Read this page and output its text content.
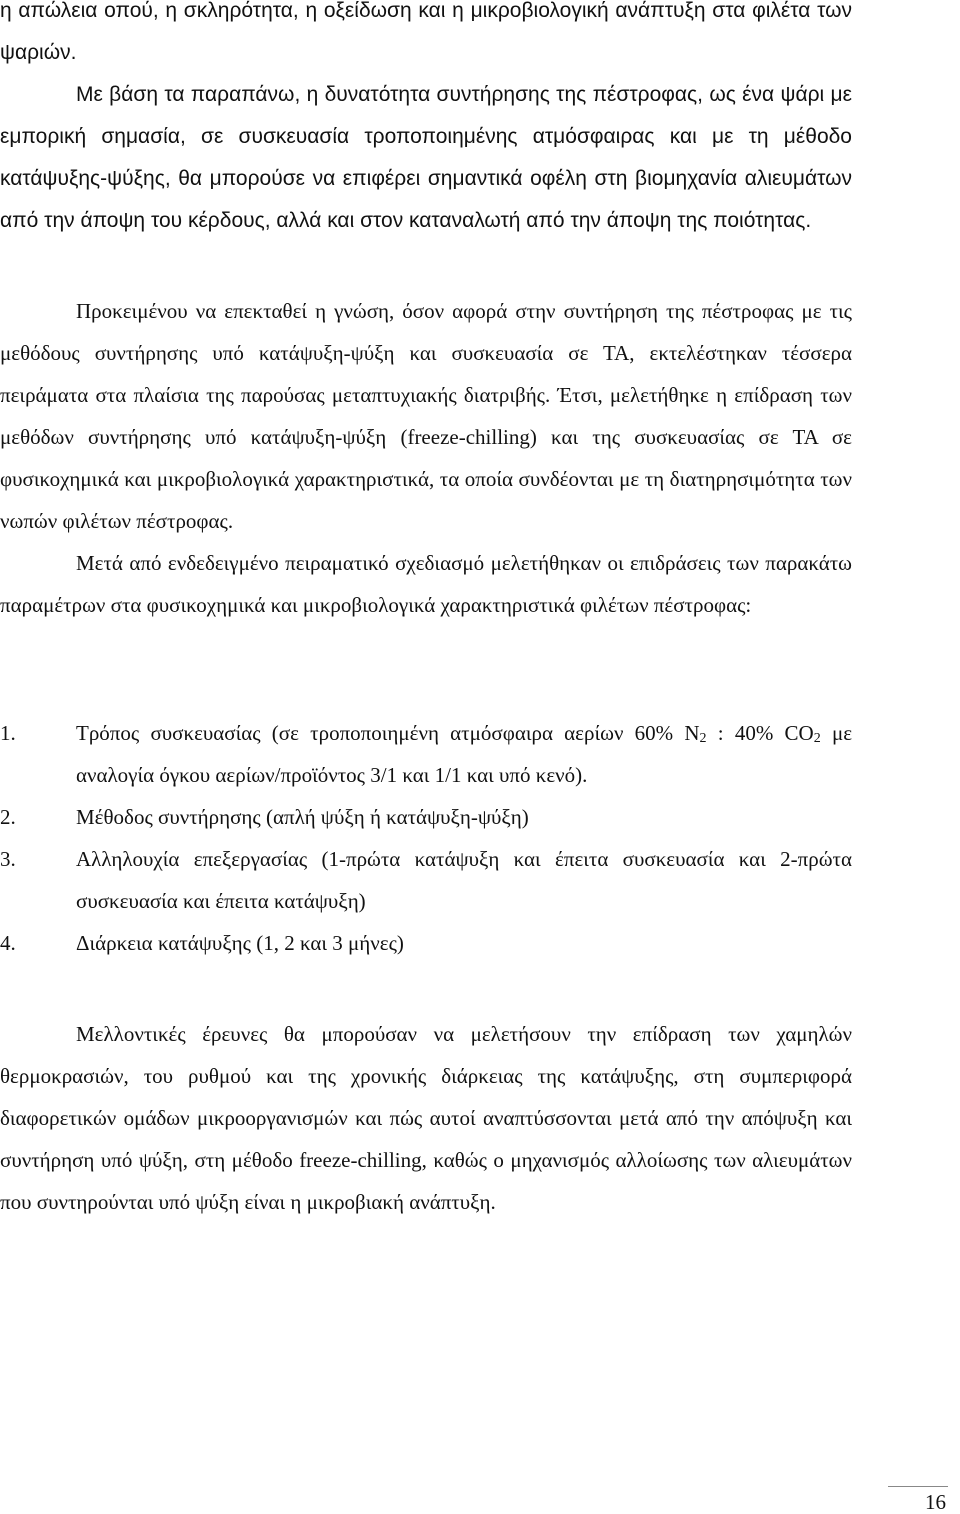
η απώλεια οπού, η σκληρότητα, η οξείδωση και η μικροβιολογική ανάπτυξη στα φιλέτα των ψαριών.
Με βάση τα παραπάνω, η δυνατότητα συντήρησης της πέστροφας, ως ένα ψάρι με εμπορική σημασία, σε συσκευασία τροποποιημένης ατμόσφαιρας και με τη μέθοδο κατάψυξης-ψύξης, θα μπορούσε να επιφέρει σημαντικά οφέλη στη βιομηχανία αλιευμάτων από την άποψη του κέρδους, αλλά και στον καταναλωτή από την άποψη της ποιότητας.
Προκειμένου να επεκταθεί η γνώση, όσον αφορά στην συντήρηση της πέστροφας με τις μεθόδους συντήρησης υπό κατάψυξη-ψύξη και συσκευασία σε ΤΑ, εκτελέστηκαν τέσσερα πειράματα στα πλαίσια της παρούσας μεταπτυχιακής διατριβής. Έτσι, μελετήθηκε η επίδραση των μεθόδων συντήρησης υπό κατάψυξη-ψύξη (freeze-chilling) και της συσκευασίας σε ΤΑ σε φυσικοχημικά και μικροβιολογικά χαρακτηριστικά, τα οποία συνδέονται με τη διατηρησιμότητα των νωπών φιλέτων πέστροφας.
Μετά από ενδεδειγμένο πειραματικό σχεδιασμό μελετήθηκαν οι επιδράσεις των παρακάτω παραμέτρων στα φυσικοχημικά και μικροβιολογικά χαρακτηριστικά φιλέτων πέστροφας:
1.	Τρόπος συσκευασίας (σε τροποποιημένη ατμόσφαιρα αερίων 60% $N_2$ : 40% $CO_2$ με αναλογία όγκου αερίων/προϊόντος 3/1 και 1/1 και υπό κενό).
2.	Μέθοδος συντήρησης (απλή ψύξη ή κατάψυξη-ψύξη)
3.	Αλληλουχία επεξεργασίας (1-πρώτα κατάψυξη και έπειτα συσκευασία και 2-πρώτα συσκευασία και έπειτα κατάψυξη)
4.	Διάρκεια κατάψυξης (1, 2 και 3 μήνες)
Μελλοντικές έρευνες θα μπορούσαν να μελετήσουν την επίδραση των χαμηλών θερμοκρασιών, του ρυθμού και της χρονικής διάρκειας της κατάψυξης, στη συμπεριφορά διαφορετικών ομάδων μικροοργανισμών και πώς αυτοί αναπτύσσονται μετά από την απόψυξη και συντήρηση υπό ψύξη, στη μέθοδο freeze-chilling, καθώς ο μηχανισμός αλλοίωσης των αλιευμάτων που συντηρούνται υπό ψύξη είναι η μικροβιακή ανάπτυξη.
16
